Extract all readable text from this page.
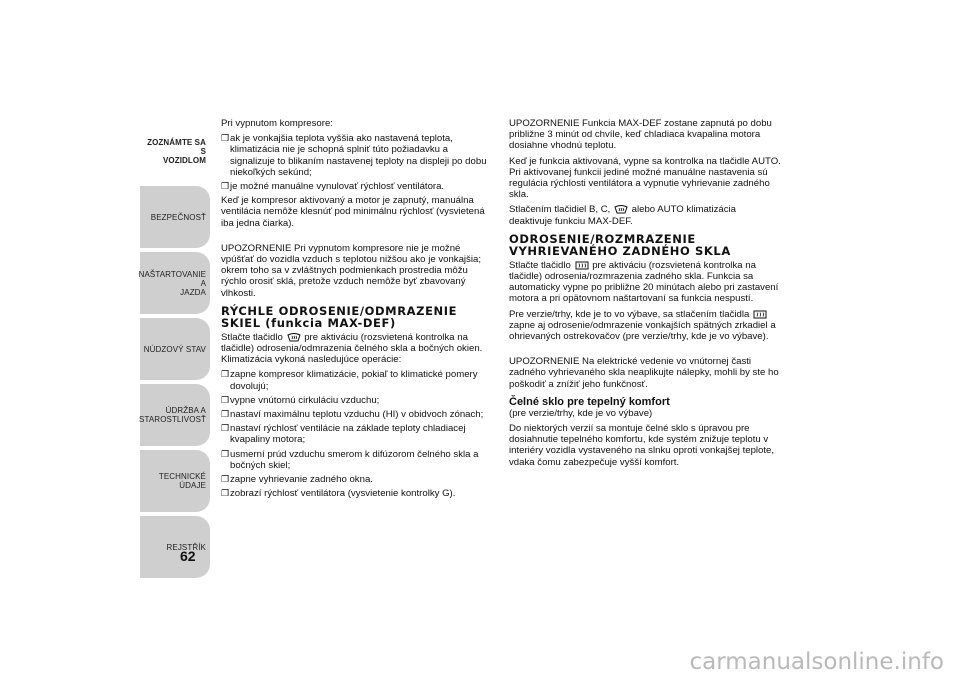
ZOZNÁMTE SA S
VOZIDLOM
BEZPEČNOSŤ
NAŠTARTOVANIE A
JAZDA
NÚDZOVÝ STAV
ÚDRŽBA A
STAROSTLIVOSŤ
TECHNICKÉ ÚDAJE
REJSTŘÍK
62

Pri vypnutom kompresore:

❒ ak je vonkajšia teplota vyššia ako nastavená teplota, klimatizácia nie je schopná splniť túto požiadavku a signalizuje to blikaním nastavenej teploty na displeji po dobu niekoľkých sekúnd;
❒ je možné manuálne vynulovať rýchlosť ventilátora.

Keď je kompresor aktivovaný a motor je zapnutý, manuálna ventilácia nemôže klesnúť pod minimálnu rýchlosť (vysvietená iba jedna čiarka).

UPOZORNENIE Pri vypnutom kompresore nie je možné vpúšťať do vozidla vzduch s teplotou nižšou ako je vonkajšia; okrem toho sa v zvláštnych podmienkach prostredia môžu rýchlo orosiť sklá, pretože vzduch nemôže byť zbavovaný vlhkosti.

RÝCHLE ODROSENIE/ODMRAZENIE SKIEL (funkcia MAX-DEF)

Stlačte tlačidlo pre aktiváciu (rozsvietená kontrolka na tlačidle) odrosenia/odmrazenia čelného skla a bočných okien. Klimatizácia vykoná nasledujúce operácie:

❒ zapne kompresor klimatizácie, pokiaľ to klimatické pomery dovolujú;
❒ vypne vnútornú cirkuláciu vzduchu;
❒ nastaví maximálnu teplotu vzduchu (HI) v obidvoch zónach;
❒ nastaví rýchlosť ventilácie na základe teploty chladiacej kvapaliny motora;
❒ usmerní prúd vzduchu smerom k difúzorom čelného skla a bočných skiel;
❒ zapne vyhrievanie zadného okna.
❒ zobrazí rýchlosť ventilátora (vysvietenie kontrolky G).

UPOZORNENIE Funkcia MAX-DEF zostane zapnutá po dobu približne 3 minút od chvíle, keď chladiaca kvapalina motora dosiahne vhodnú teplotu.

Keď je funkcia aktivovaná, vypne sa kontrolka na tlačidle AUTO. Pri aktivovanej funkcii jediné možné manuálne nastavenia sú regulácia rýchlosti ventilátora a vypnutie vyhrievanie zadného skla.

Stlačením tlačidiel B, C, alebo AUTO klimatizácia deaktivuje funkciu MAX-DEF.

ODROSENIE/ROZMRAZENIE VYHRIEVANÉHO ZADNÉHO SKLA

Stlačte tlačidlo pre aktiváciu (rozsvietená kontrolka na tlačidle) odrosenia/rozmrazenia zadného skla. Funkcia sa automaticky vypne po približne 20 minútach alebo pri zastavení motora a pri opätovnom naštartovaní sa funkcia nespustí.

Pre verzie/trhy, kde je to vo výbave, sa stlačením tlačidla  zapne aj odrosenie/odmrazenie vonkajších spätných zrkadiel a ohrievaných ostrekovačov (pre verzie/trhy, kde je vo výbave).

UPOZORNENIE Na elektrické vedenie vo vnútornej časti zadného vyhrievaného skla neaplikujte nálepky, mohli by ste ho poškodiť a znížiť jeho funkčnosť.

Čelné sklo pre tepelný komfort

(pre verzie/trhy, kde je vo výbave)

Do niektorých verzií sa montuje čelné sklo s úpravou pre dosiahnutie tepelného komfortu, kde systém znižuje teplotu v interiéry vozidla vystaveného na slnku oproti vonkajšej teplote, vdaka čomu zabezpečuje vyšší komfort.

carmanualsonline.info
